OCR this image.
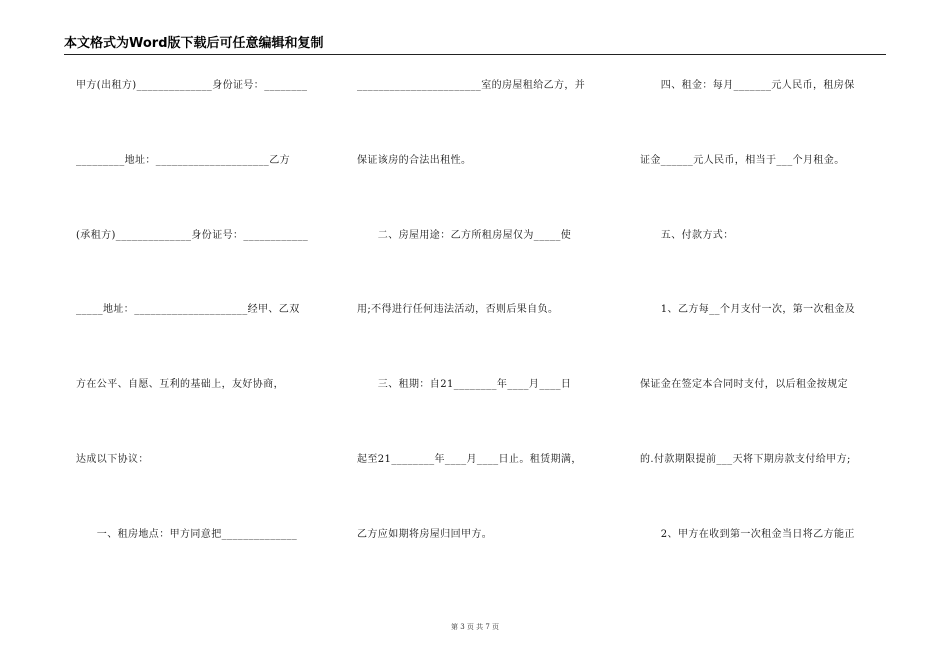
本文格式为Word版下载后可任意编辑和复制
甲方(出租方)______________身份证号：________
_________地址：_____________________乙方
(承租方)______________身份证号：____________
_____地址：_____________________经甲、乙双
方在公平、自愿、互利的基础上，友好协商，
达成以下协议：
　　一、租房地点：甲方同意把______________
_______________________室的房屋租给乙方，并
保证该房的合法出租性。
　　二、房屋用途：乙方所租房屋仅为_____使
用;不得进行任何违法活动，否则后果自负。
　　三、租期：自21________年____月____日
起至21________年____月____日止。租赁期满，
乙方应如期将房屋归回甲方。
　　四、租金：每月_______元人民币，租房保
证金______元人民币，相当于___个月租金。
　　五、付款方式：
　　1、乙方每__个月支付一次，第一次租金及
保证金在签定本合同时支付，以后租金按规定
的.付款期限提前___天将下期房款支付给甲方;
　　2、甲方在收到第一次租金当日将乙方能正
第 3 页 共 7 页
